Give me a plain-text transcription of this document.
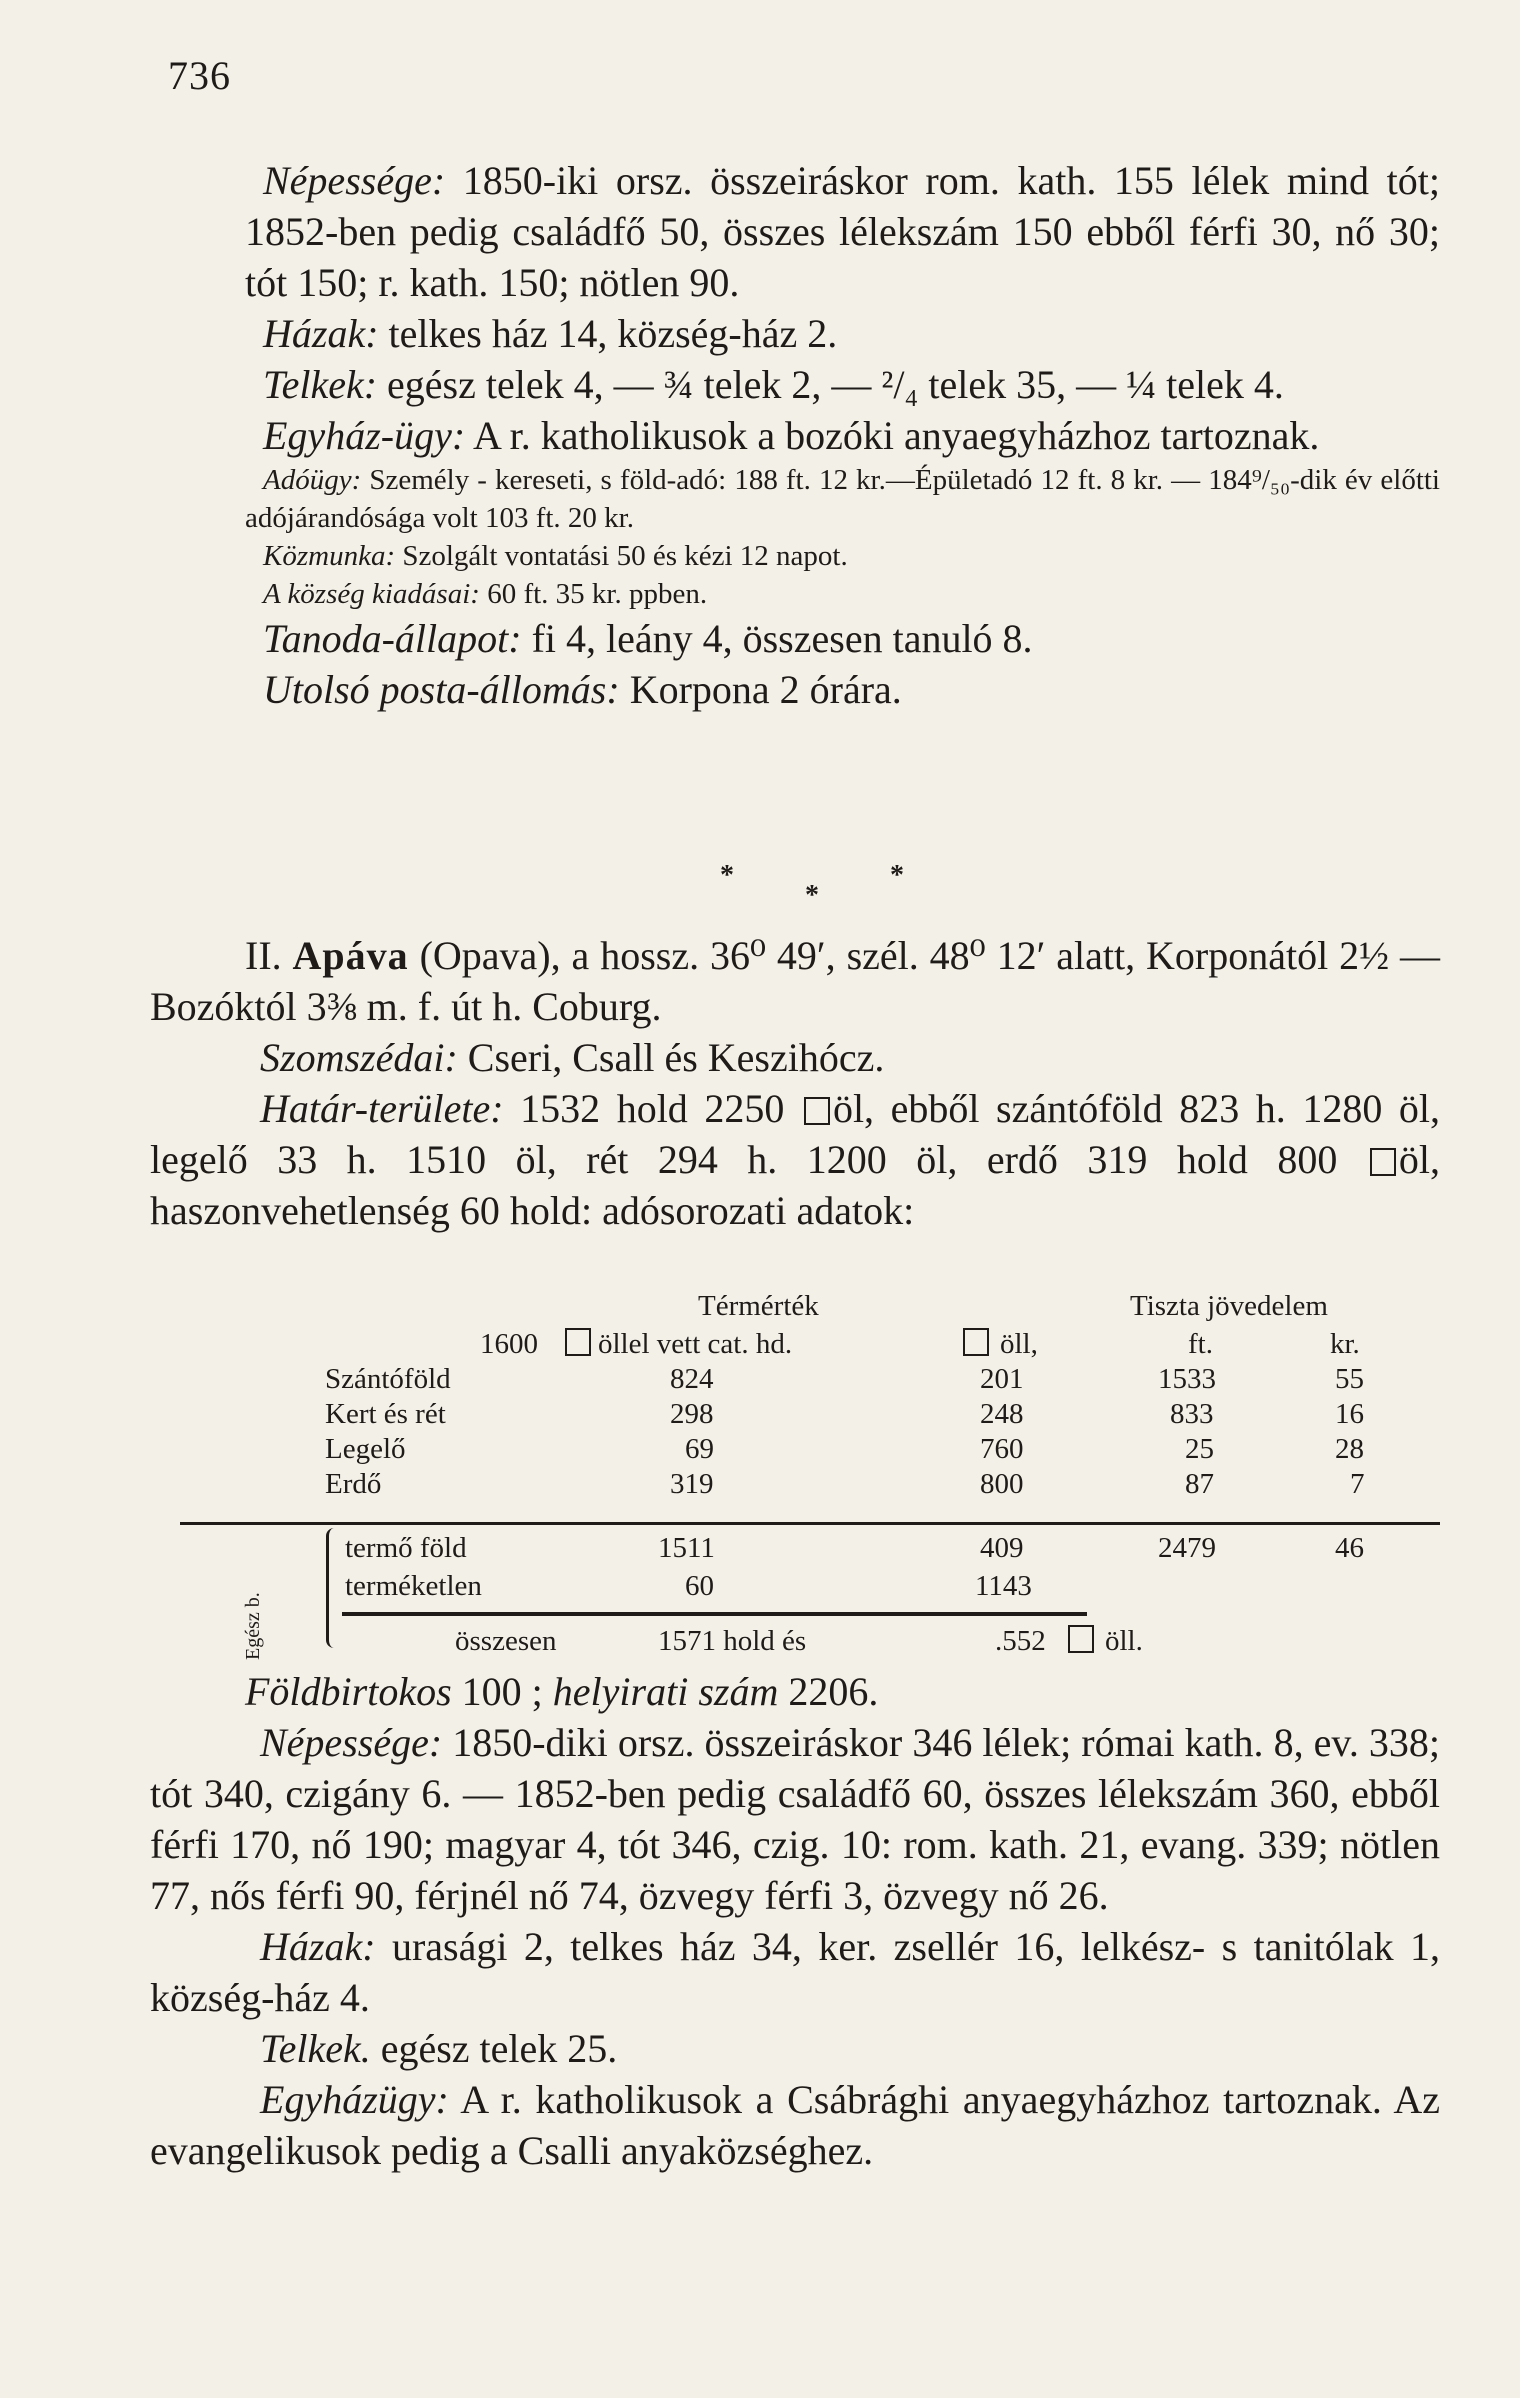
736

Népessége: 1850-iki orsz. összeiráskor rom. kath. 155 lélek mind tót; 1852-ben pedig családfő 50, összes lélekszám 150 ebből férfi 30, nő 30; tót 150; r. kath. 150; nötlen 90.

Házak: telkes ház 14, község-ház 2.

Telkek: egész telek 4, — ¾ telek 2, — ²/₄ telek 35, — ¼ telek 4.

Egyház-ügy: A r. katholikusok a bozóki anyaegyházhoz tartoznak.

Adóügy: Személy - kereseti, s föld-adó: 188 ft. 12 kr.—Épületadó 12 ft. 8 kr. — 184⁹/₅₀-dik év előtti adójárandósága volt 103 ft. 20 kr.

Közmunka: Szolgált vontatási 50 és kézi 12 napot.

A község kiadásai: 60 ft. 35 kr. ppben.

Tanoda-állapot: fi 4, leány 4, összesen tanuló 8.

Utolsó posta-állomás: Korpona 2 órára.

*	*
*

II. Apáva (Opava), a hossz. 36⁰ 49′, szél. 48⁰ 12′ alatt, Korponától 2½ — Bozóktól 3⅜ m. f. út h. Coburg.

Szomszédai: Cseri, Csall és Keszihócz.

Határ-területe: 1532 hold 2250 öl, ebből szántóföld 823 h. 1280 öl, legelő 33 h. 1510 öl, rét 294 h. 1200 öl, erdő 319 hold 800 öl, haszonvehetlenség 60 hold: adósorozati adatok:

Térmérték	Tiszta jövedelem
1600 öllel vett cat. hd.	öll,	ft.	kr.
Szántóföld	824	201	1533	55
Kert és rét	298	248	833	16
Legelő	69	760	25	28
Erdő	319	800	87	7
termő föld	1511	409	2479	46
terméketlen	60	1143
összesen	1571 hold és	.552 öll.
Egész b.

Földbirtokos 100 ; helyirati szám 2206.

Népessége: 1850-diki orsz. összeiráskor 346 lélek; római kath. 8, ev. 338; tót 340, czigány 6. — 1852-ben pedig családfő 60, összes lélekszám 360, ebből férfi 170, nő 190; magyar 4, tót 346, czig. 10: rom. kath. 21, evang. 339; nötlen 77, nős férfi 90, férjnél nő 74, özvegy férfi 3, özvegy nő 26.

Házak: urasági 2, telkes ház 34, ker. zsellér 16, lelkész- s tanitólak 1, község-ház 4.

Telkek. egész telek 25.

Egyházügy: A r. katholikusok a Csábrághi anyaegyházhoz tartoznak. Az evangelikusok pedig a Csalli anyaközséghez.
